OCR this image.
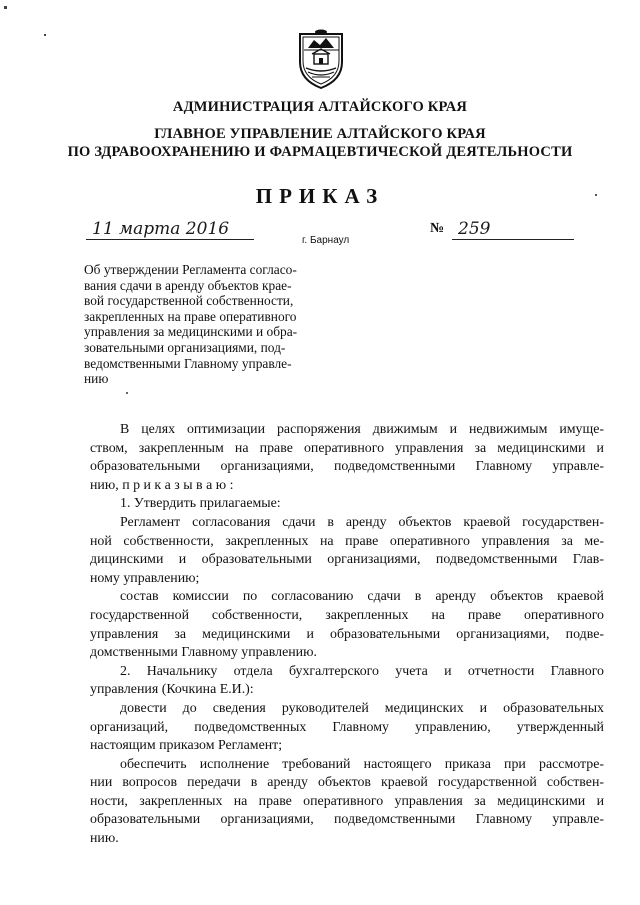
АДМИНИСТРАЦИЯ АЛТАЙСКОГО КРАЯ
ГЛАВНОЕ УПРАВЛЕНИЕ АЛТАЙСКОГО КРАЯ
ПО ЗДРАВООХРАНЕНИЮ И ФАРМАЦЕВТИЧЕСКОЙ ДЕЯТЕЛЬНОСТИ
ПРИКАЗ
11 марта 2016	№ 259
г. Барнаул
Об утверждении Регламента согласо-
вания сдачи в аренду объектов крае-
вой государственной собственности,
закрепленных на праве оперативного
управления за медицинскими и обра-
зовательными организациями, под-
ведомственными Главному управле-
нию
В целях оптимизации распоряжения движимым и недвижимым имуще-
ством, закрепленным на праве оперативного управления за медицинскими и
образовательными организациями, подведомственными Главному управле-
нию, п р и к а з ы в а ю :
1. Утвердить прилагаемые:
Регламент согласования сдачи в аренду объектов краевой государствен-
ной собственности, закрепленных на праве оперативного управления за ме-
дицинскими и образовательными организациями, подведомственными Глав-
ному управлению;
состав комиссии по согласованию сдачи в аренду объектов краевой
государственной собственности, закрепленных на праве оперативного
управления за медицинскими и образовательными организациями, подве-
домственными Главному управлению.
2. Начальнику отдела бухгалтерского учета и отчетности Главного
управления (Кочкина Е.И.):
довести до сведения руководителей медицинских и образовательных
организаций, подведомственных Главному управлению, утвержденный
настоящим приказом Регламент;
обеспечить исполнение требований настоящего приказа при рассмотре-
нии вопросов передачи в аренду объектов краевой государственной собствен-
ности, закрепленных на праве оперативного управления за медицинскими и
образовательными организациями, подведомственными Главному управле-
нию.
